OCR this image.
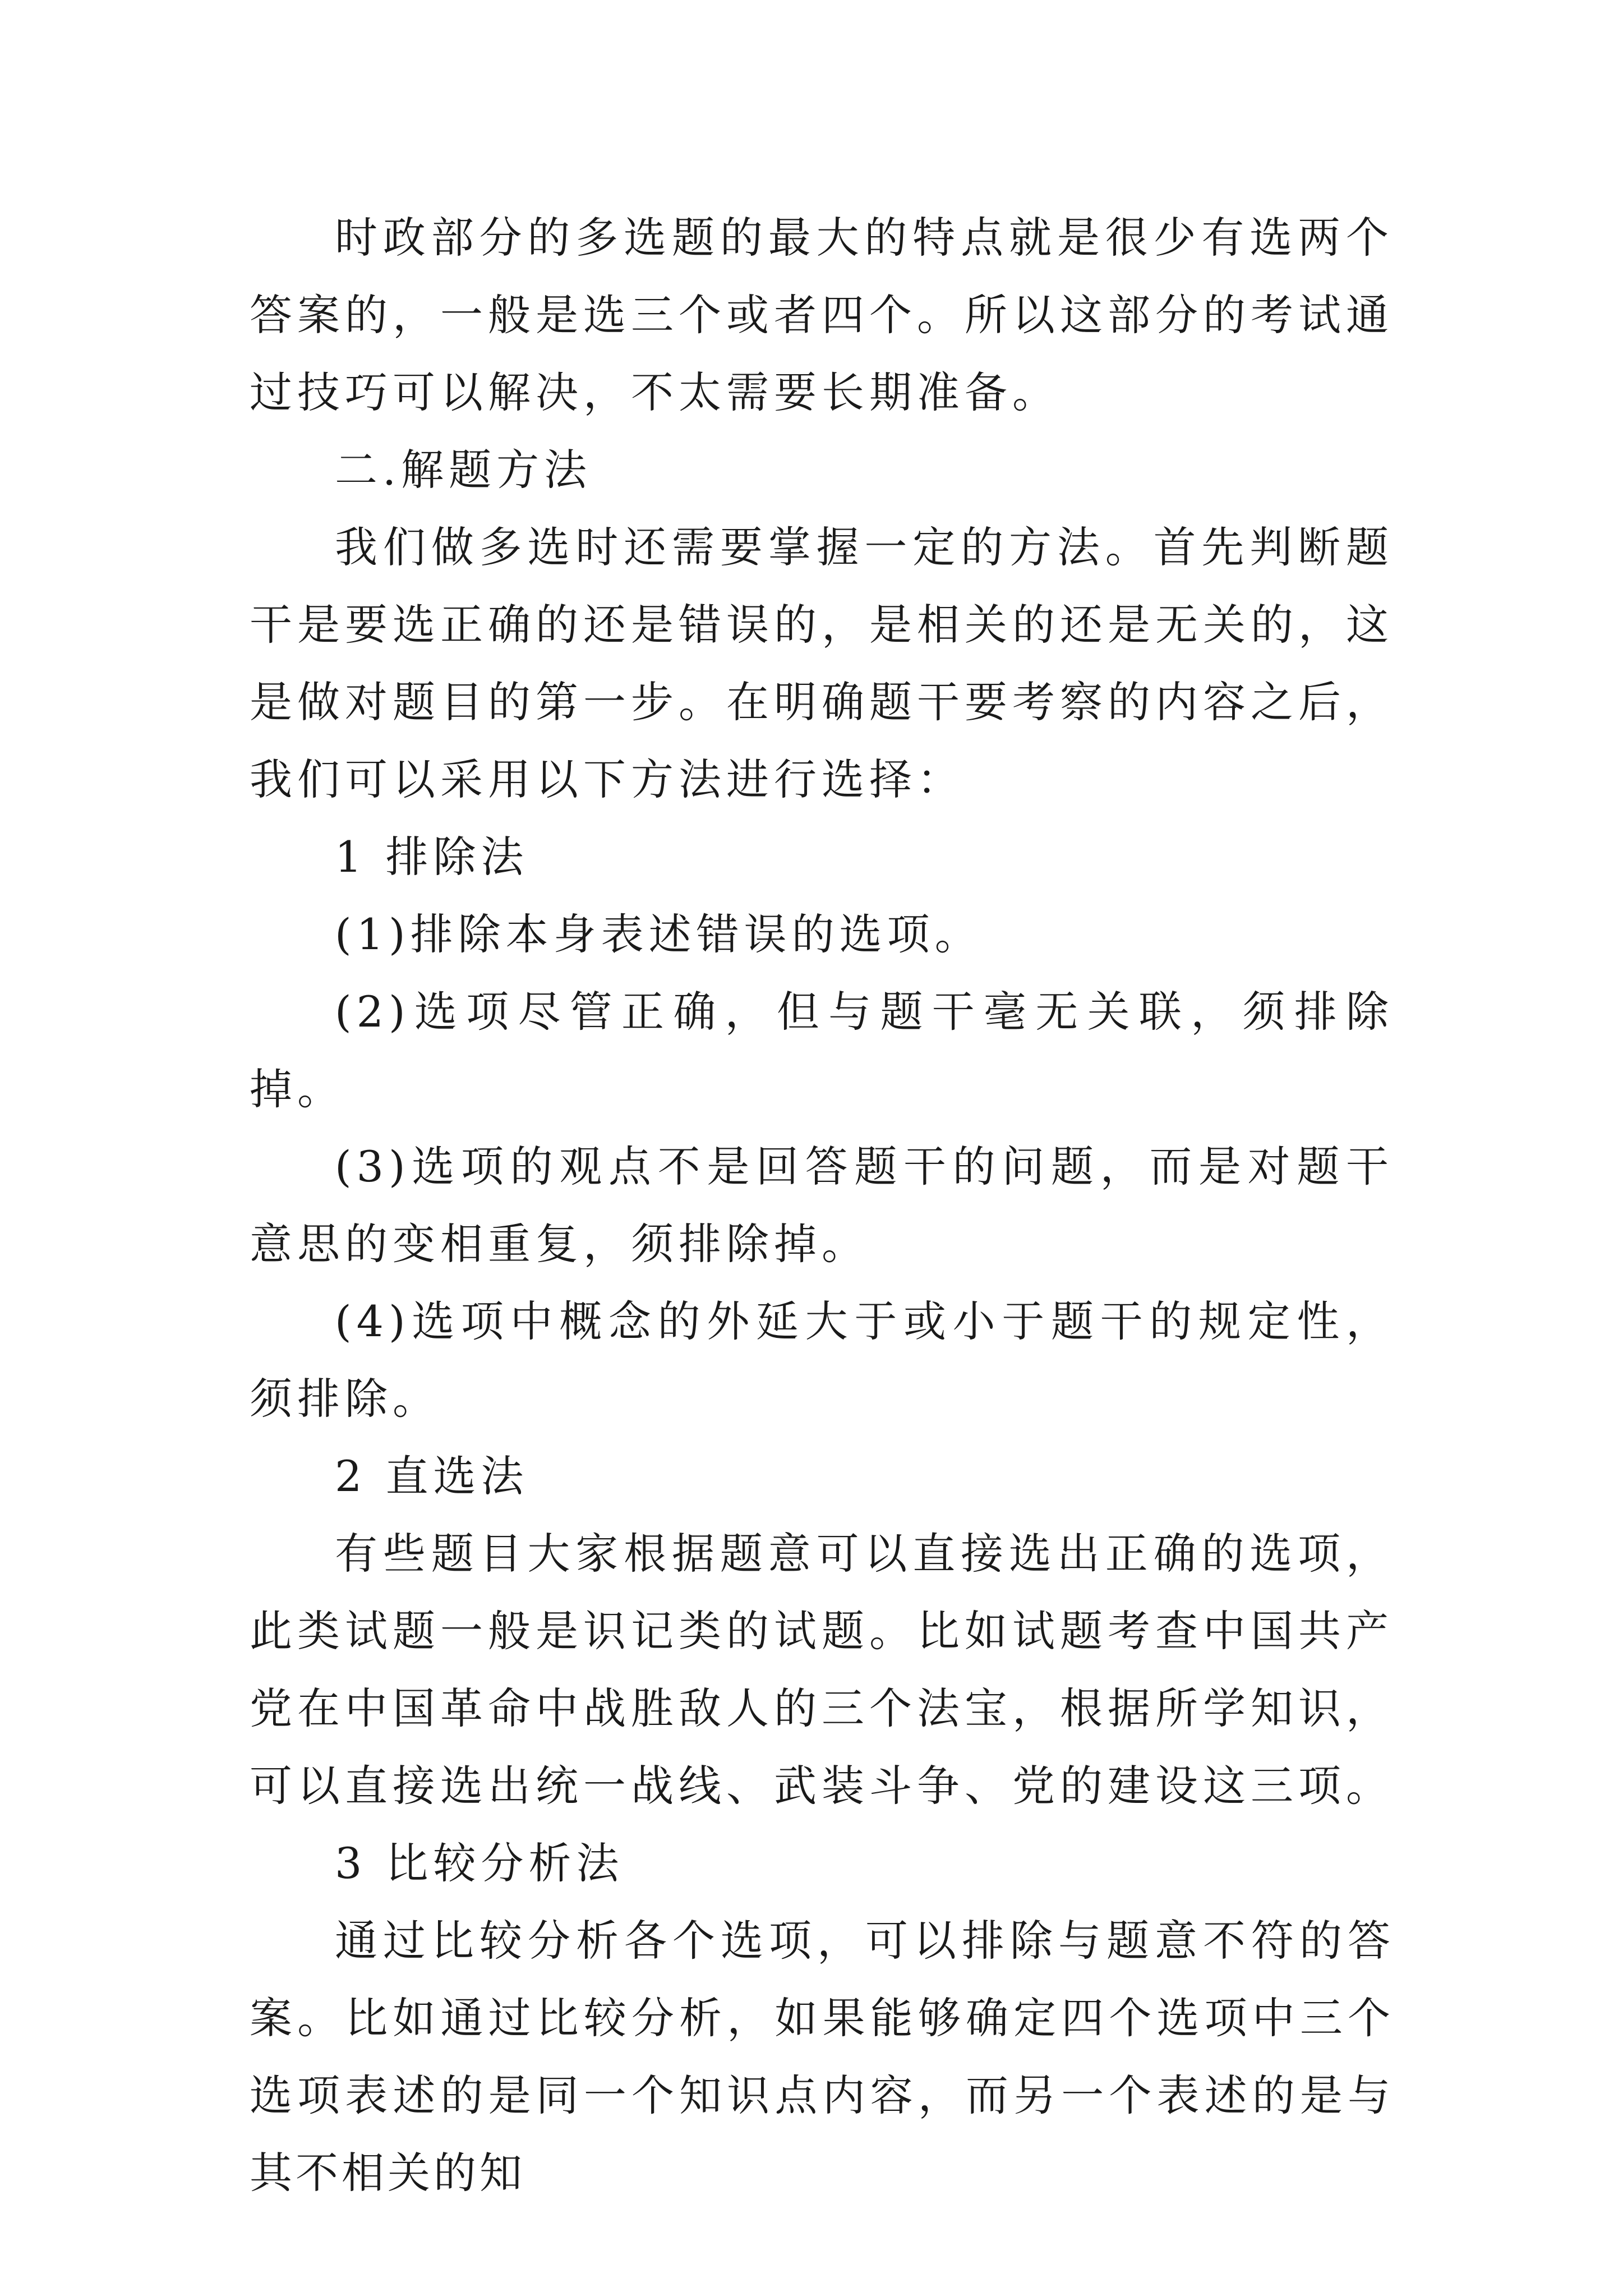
时政部分的多选题的最大的特点就是很少有选两个答案的，一般是选三个或者四个。所以这部分的考试通过技巧可以解决，不太需要长期准备。

二.解题方法

我们做多选时还需要掌握一定的方法。首先判断题干是要选正确的还是错误的，是相关的还是无关的，这是做对题目的第一步。在明确题干要考察的内容之后，我们可以采用以下方法进行选择：

1 排除法

(1)排除本身表述错误的选项。

(2)选项尽管正确，但与题干毫无关联，须排除掉。

(3)选项的观点不是回答题干的问题，而是对题干意思的变相重复，须排除掉。

(4)选项中概念的外延大于或小于题干的规定性，须排除。

2 直选法

有些题目大家根据题意可以直接选出正确的选项，此类试题一般是识记类的试题。比如试题考查中国共产党在中国革命中战胜敌人的三个法宝，根据所学知识，可以直接选出统一战线、武装斗争、党的建设这三项。

3 比较分析法

通过比较分析各个选项，可以排除与题意不符的答案。比如通过比较分析，如果能够确定四个选项中三个选项表述的是同一个知识点内容，而另一个表述的是与其不相关的知
